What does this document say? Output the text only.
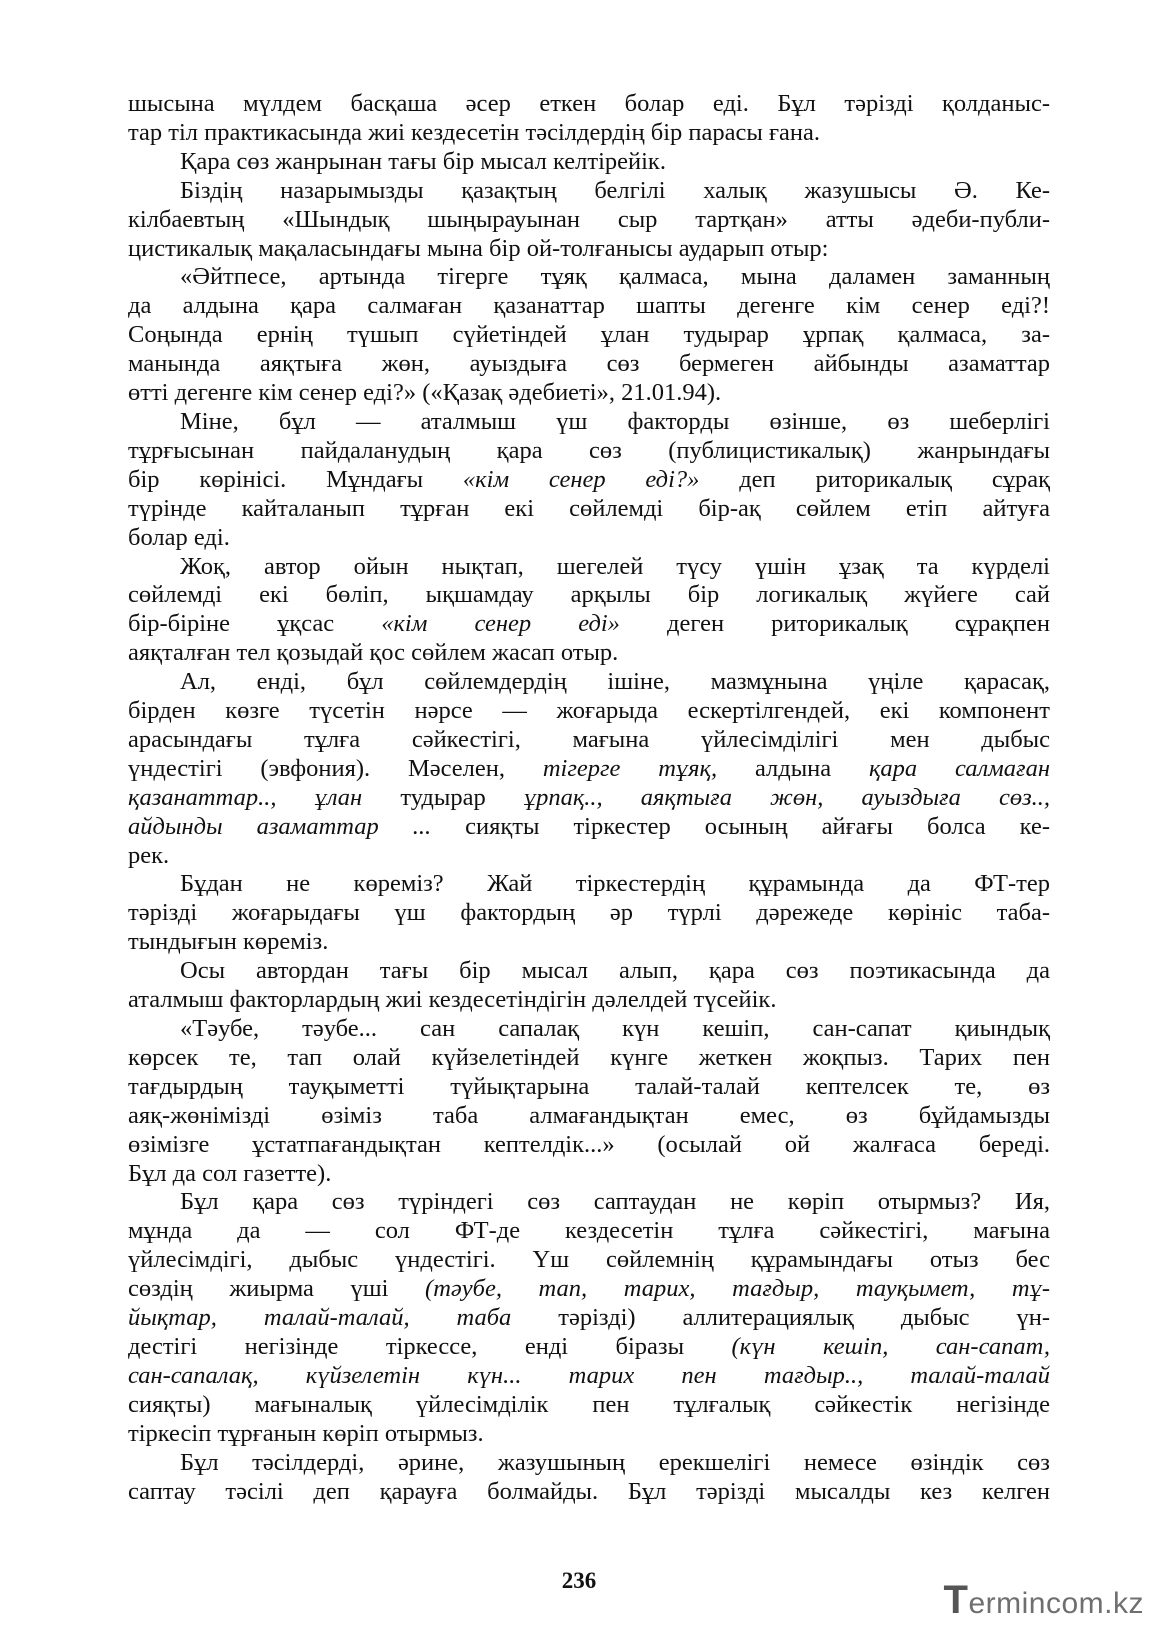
шысына мүлдем басқаша әсер еткен болар еді. Бұл тәрізді қолданыс-
тар тіл практикасында жиі кездесетін тәсілдердің бір парасы ғана.
Қара сөз жанрынан тағы бір мысал келтірейік.
Біздің назарымызды қазақтың белгілі халық жазушысы Ә. Ке-
кілбаевтың «Шындық шыңырауынан сыр тартқан» атты әдеби-публи-
цистикалық мақаласындағы мына бір ой-толғанысы аударып отыр:
«Әйтпесе, артында тігерге тұяқ қалмаса, мына даламен заманның
да алдына қара салмаған қазанаттар шапты дегенге кім сенер еді?!
Соңында ернің түшып сүйетіндей ұлан тудырар ұрпақ қалмаса, за-
манында аяқтыға жөн, ауыздыға сөз бермеген айбынды азаматтар
өтті дегенге кім сенер еді?» («Қазақ әдебиеті», 21.01.94).
Міне, бұл — аталмыш үш факторды өзінше, өз шеберлігі
тұрғысынан пайдаланудың қара сөз (публицистикалық) жанрындағы
бір көрінісі. Мұндағы «кім сенер еді?» деп риторикалық сұрақ
түрінде кайталанып тұрған екі сөйлемді бір-ақ сөйлем етіп айтуға
болар еді.
Жоқ, автор ойын нықтап, шегелей түсу үшін ұзақ та күрделі
сөйлемді екі бөліп, ықшамдау арқылы бір логикалық жүйеге сай
бір-біріне ұқсас «кім сенер еді» деген риторикалық сұрақпен
аяқталған тел қозыдай қос сөйлем жасап отыр.
Ал, енді, бұл сөйлемдердің ішіне, мазмұнына үңіле қарасақ,
бірден көзге түсетін нәрсе — жоғарыда ескертілгендей, екі компонент
арасындағы тұлға сәйкестігі, мағына үйлесімділігі мен дыбыс
үндестігі (эвфония). Мәселен, тігерге тұяқ, алдына қара салмаған
қазанаттар.., ұлан тудырар ұрпақ.., аяқтыға жөн, ауыздыға сөз..,
айдынды азаматтар ... сияқты тіркестер осының айғағы болса ке-
рек.
Бұдан не көреміз? Жай тіркестердің құрамында да ФТ-тер
тәрізді жоғарыдағы үш фактордың әр түрлі дәрежеде көрініс таба-
тындығын көреміз.
Осы автордан тағы бір мысал алып, қара сөз поэтикасында да
аталмыш факторлардың жиі кездесетіндігін дәлелдей түсейік.
«Тәубе, тәубе... сан сапалақ күн кешіп, сан-сапат қиындық
көрсек те, тап олай күйзелетіндей күнге жеткен жоқпыз. Тарих пен
тағдырдың тауқыметті түйықтарына талай-талай кептелсек те, өз
аяқ-жөнімізді өзіміз таба алмағандықтан емес, өз бұйдамызды
өзімізге ұстатпағандықтан кептелдік...» (осылай ой жалғаса береді.
Бұл да сол газетте).
Бұл қара сөз түріндегі сөз саптаудан не көріп отырмыз? Ия,
мұнда да — сол ФТ-де кездесетін тұлға сәйкестігі, мағына
үйлесімдігі, дыбыс үндестігі. Үш сөйлемнің құрамындағы отыз бес
сөздің жиырма үші (тәубе, тап, тарих, тағдыр, тауқымет, тұ-
йықтар, талай-талай, таба тәрізді) аллитерациялық дыбыс үн-
дестігі негізінде тіркессе, енді біразы (күн кешіп, сан-сапат,
сан-сапалақ, күйзелетін күн... тарих пен тағдыр.., талай-талай
сияқты) мағыналық үйлесімділік пен тұлғалық сәйкестік негізінде
тіркесіп тұрғанын көріп отырмыз.
Бұл тәсілдерді, әрине, жазушының ерекшелігі немесе өзіндік сөз
саптау тәсілі деп қарауға болмайды. Бұл тәрізді мысалды кез келген
236	Termincom.kz
